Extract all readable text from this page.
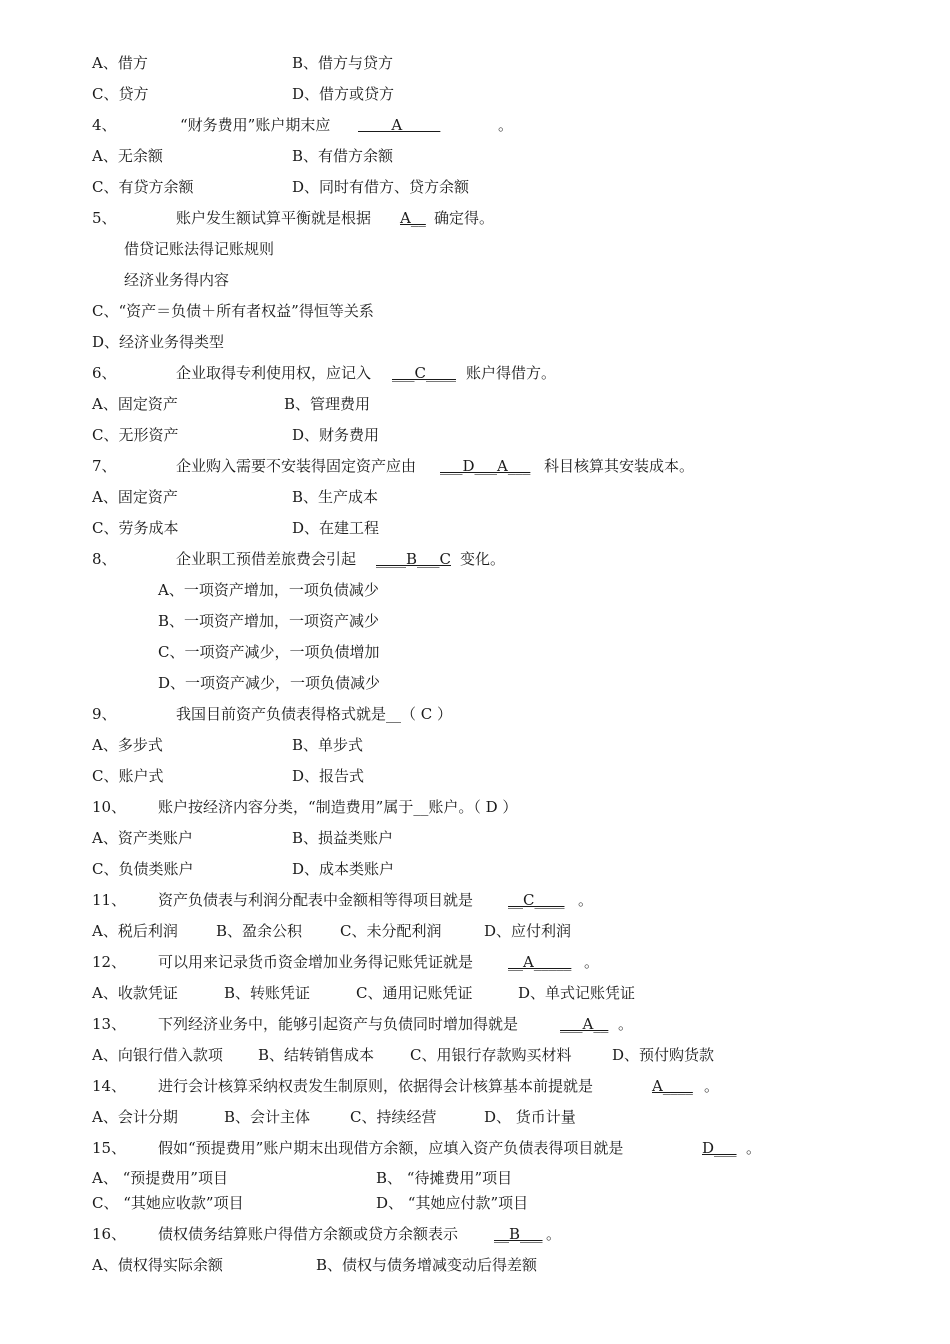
A、借方	B、借方与贷方
C、贷方	D、借方或贷方
4、	“财务费用”账户期末应 A	。
A、无余额	B、有借方余额
C、有贷方余额	D、同时有借方、贷方余额
5、	账户发生额试算平衡就是根据 A__ 确定得。
借贷记账法得记账规则
经济业务得内容
C、“资产＝负债＋所有者权益”得恒等关系
D、经济业务得类型
6、	企业取得专利使用权，应记入 ___C____ 账户得借方。
A、固定资产	B、管理费用
C、无形资产	D、财务费用
7、	企业购入需要不安装得固定资产应由 ___D___A___ 科目核算其安装成本。
A、固定资产	B、生产成本
C、劳务成本	D、在建工程
8、	企业职工预借差旅费会引起 ____B___C 变化。
A、一项资产增加，一项负债减少
B、一项资产增加，一项资产减少
C、一项资产减少，一项负债增加
D、一项资产减少，一项负债减少
9、	我国目前资产负债表得格式就是__（ C ）
A、多步式	B、单步式
C、账户式	D、报告式
10、 账户按经济内容分类，“制造费用”属于__账户。（ D ）
A、资产类账户	B、损益类账户
C、负债类账户	D、成本类账户
11、 资产负债表与利润分配表中金额相等得项目就是 __C____ 。
A、税后利润	B、盈余公积	C、未分配利润	D、应付利润
12、 可以用来记录货币资金增加业务得记账凭证就是 __A_____ 。
A、收款凭证	B、转账凭证	C、通用记账凭证	D、单式记账凭证
13、 下列经济业务中，能够引起资产与负债同时增加得就是	___A__ 。
A、向银行借入款项 B、结转销售成本 C、用银行存款购买材料	D、预付购货款
14、 进行会计核算采纳权责发生制原则，依据得会计核算基本前提就是	A____ 。
A、会计分期	B、会计主体	C、持续经营	D、 货币计量
15、 假如“预提费用”账户期末出现借方余额，应填入资产负债表得项目就是	D___ 。
A、 “预提费用”项目	B、 “待摊费用”项目
C、 “其她应收款”项目	D、 “其她应付款”项目
16、 债权债务结算账户得借方余额或贷方余额表示 __B___ 。
A、债权得实际余额	B、债权与债务增减变动后得差额
